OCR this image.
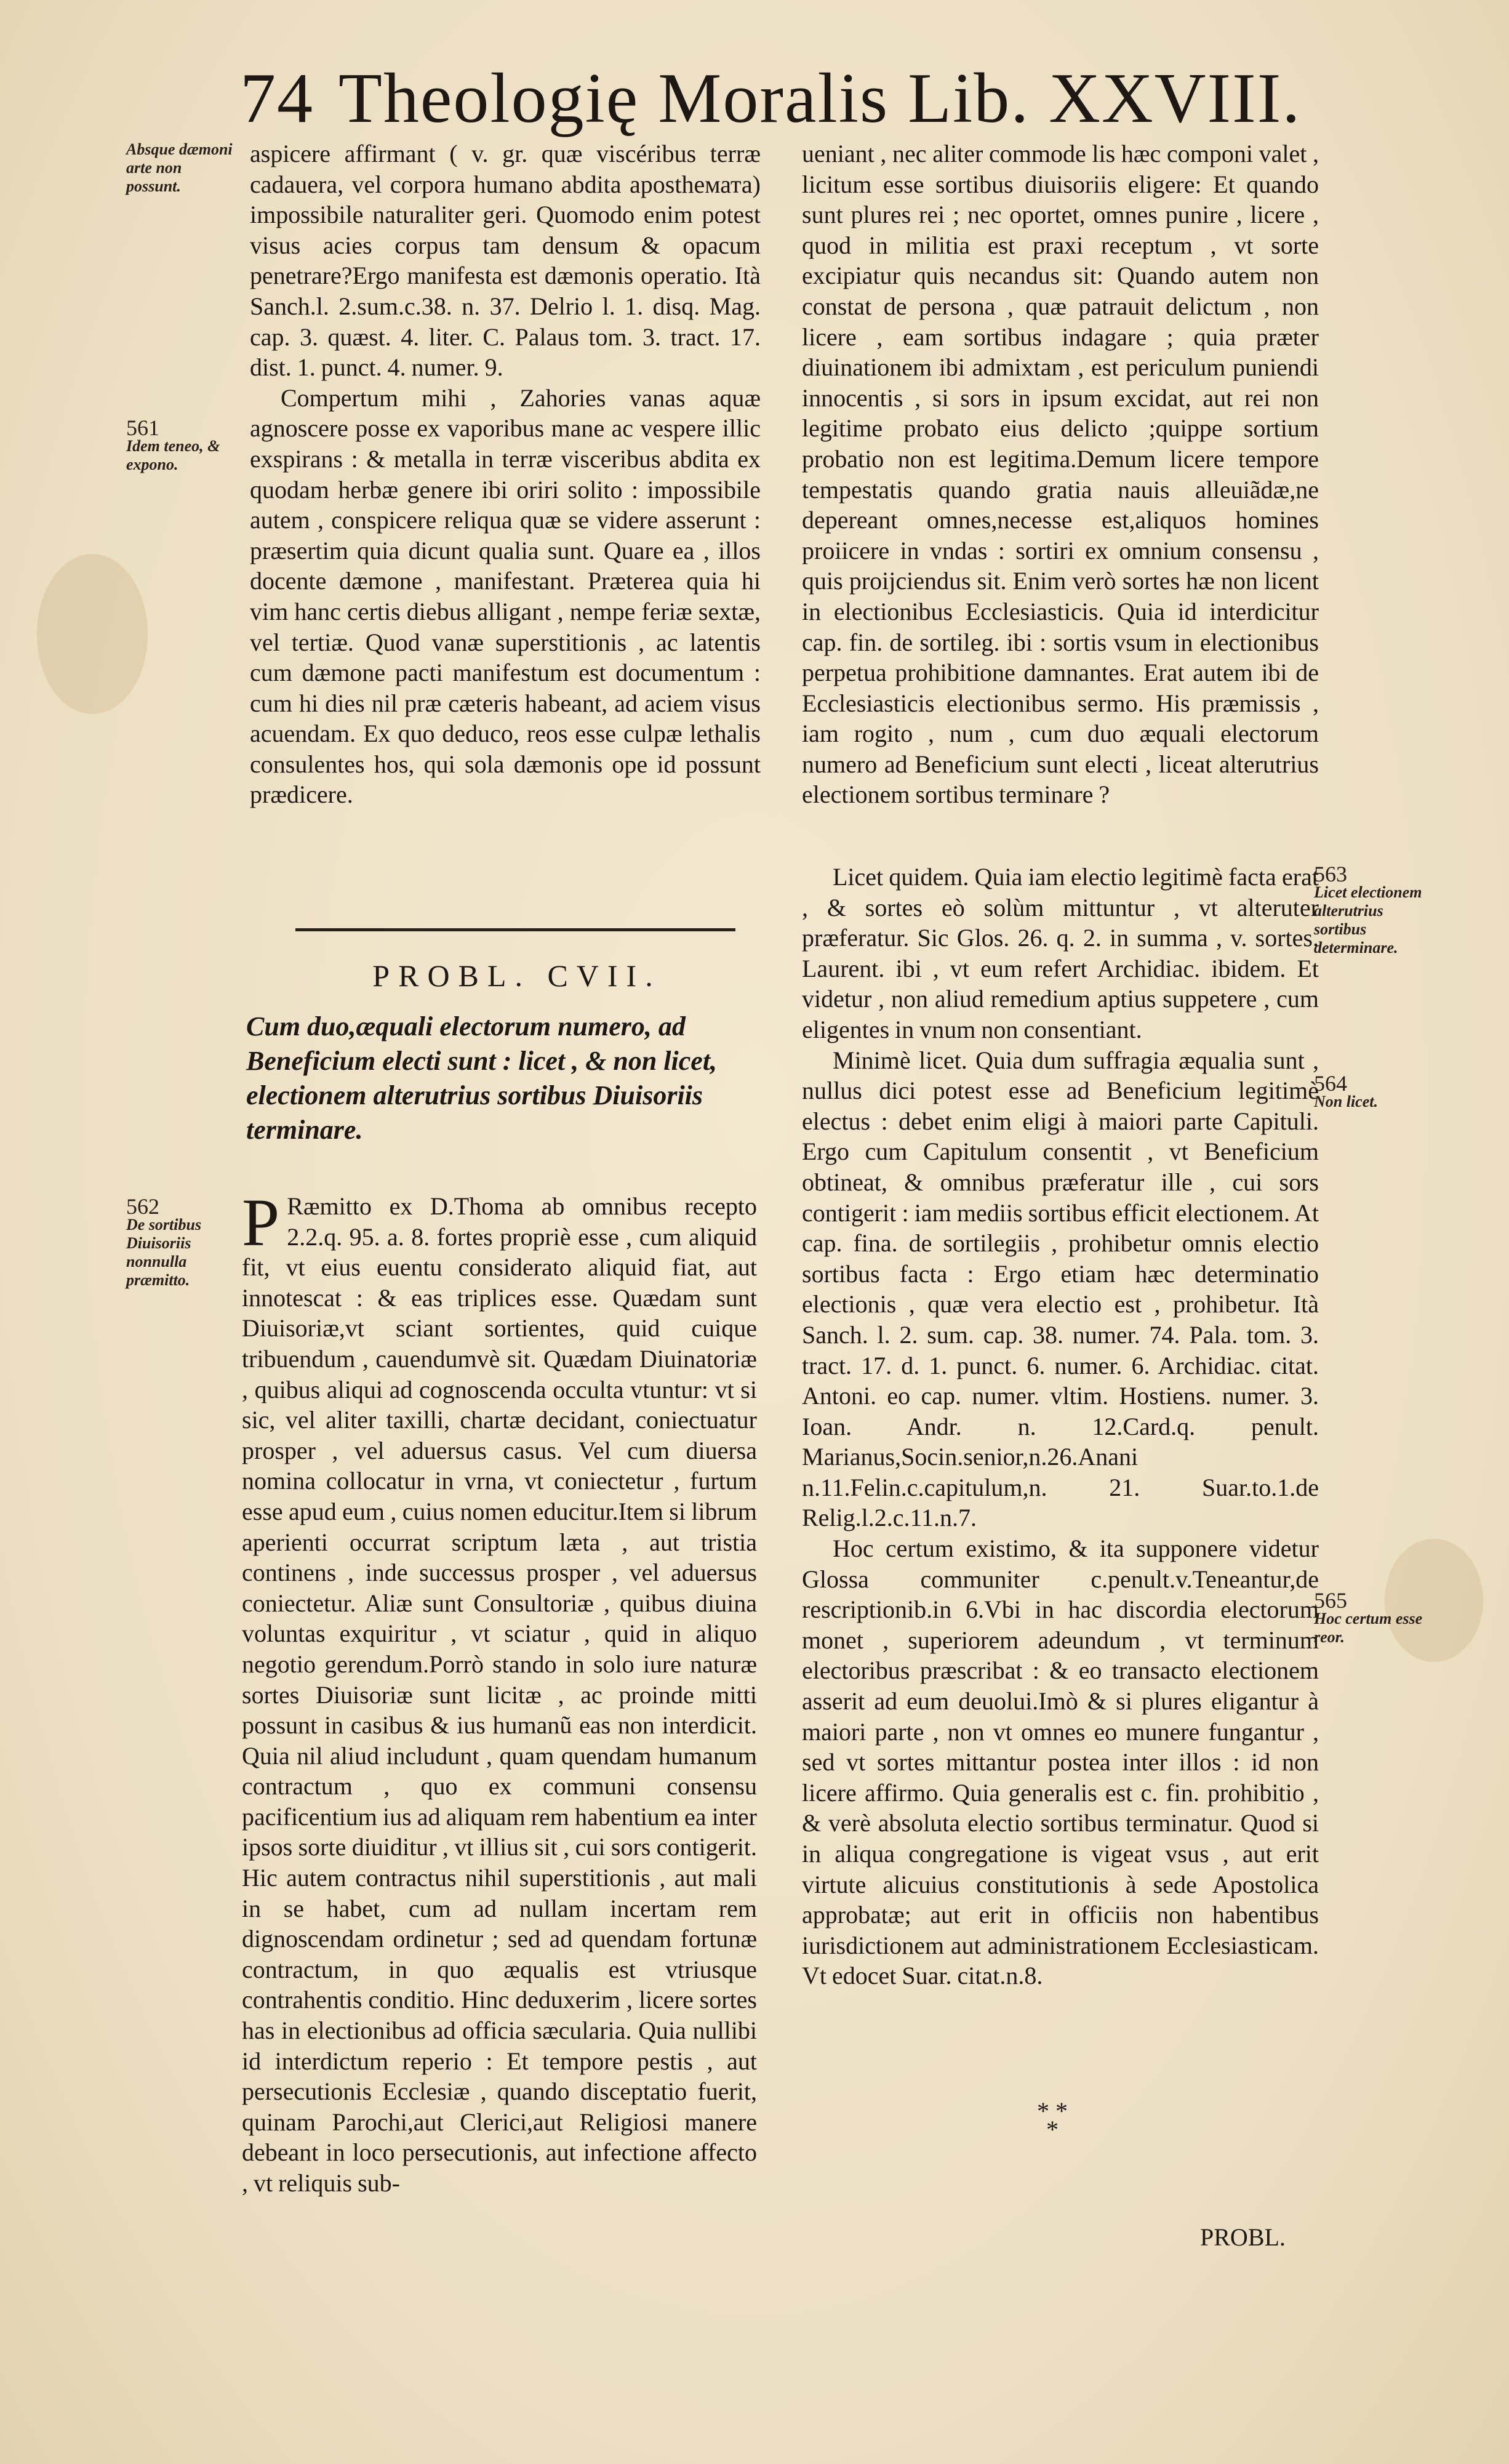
74 Theologię Moralis Lib. XXVIII.
Absque dæmoni arte non possunt.
561
Idem teneo, & expono.
562
De sortibus Diuisoriis nonnulla præmitto.
563
Licet electionem alterutrius sortibus determinare.
564
Non licet.
565
Hoc certum esse reor.

aspicere affirmant ( v. gr. quæ viscéribus terræ cadauera, vel corpora humano abdita apostheмата) impossibile naturaliter geri. Quomodo enim potest visus acies corpus tam densum & opacum penetrare?Ergo manifesta est dæmonis operatio. Ità Sanch.l. 2.sum.c.38. n. 37. Delrio l. 1. disq. Mag. cap. 3. quæst. 4. liter. C. Palaus tom. 3. tract. 17. dist. 1. punct. 4. numer. 9.

Compertum mihi , Zahories vanas aquæ agnoscere posse ex vaporibus mane ac vespere illic exspirans : & metalla in terræ visceribus abdita ex quodam herbæ genere ibi oriri solito : impossibile autem , conspicere reliqua quæ se videre asserunt : præsertim quia dicunt qualia sunt. Quare ea , illos docente dæmone , manifestant. Præterea quia hi vim hanc certis diebus alligant , nempe feriæ sextæ, vel tertiæ. Quod vanæ superstitionis , ac latentis cum dæmone pacti manifestum est documentum : cum hi dies nil præ cæteris habeant, ad aciem visus acuendam. Ex quo deduco, reos esse culpæ lethalis consulentes hos, qui sola dæmonis ope id possunt prædicere.

PROBL. CVII.
Cum duo,æquali electorum numero, ad Beneficium electi sunt : licet , & non licet, electionem alterutrius sortibus Diuisoriis terminare.
P Ræmitto ex D.Thoma ab omnibus recepto 2.2.q. 95. a. 8. fortes propriè esse , cum aliquid fit, vt eius euentu considerato aliquid fiat, aut innotescat : & eas triplices esse. Quædam sunt Diuisoriæ,vt sciant sortientes, quid cuique tribuendum , cauendumvè sit. Quædam Diuinatoriæ , quibus aliqui ad cognoscenda occulta vtuntur: vt si sic, vel aliter taxilli, chartæ decidant, coniectuatur prosper , vel aduersus casus. Vel cum diuersa nomina collocatur in vrna, vt coniectetur , furtum esse apud eum , cuius nomen educitur.Item si librum aperienti occurrat scriptum læta , aut tristia continens , inde successus prosper , vel aduersus coniectetur. Aliæ sunt Consultoriæ , quibus diuina voluntas exquiritur , vt sciatur , quid in aliquo negotio gerendum.Porrò stando in solo iure naturæ sortes Diuisoriæ sunt licitæ , ac proinde mitti possunt in casibus & ius humanũ eas non interdicit. Quia nil aliud includunt , quam quendam humanum contractum , quo ex communi consensu pacificentium ius ad aliquam rem habentium ea inter ipsos sorte diuiditur , vt illius sit , cui sors contigerit. Hic autem contractus nihil superstitionis , aut mali in se habet, cum ad nullam incertam rem dignoscendam ordinetur ; sed ad quendam fortunæ contractum, in quo æqualis est vtriusque contrahentis conditio. Hinc deduxerim , licere sortes has in electionibus ad officia sæcularia. Quia nullibi id interdictum reperio : Et tempore pestis , aut persecutionis Ecclesiæ , quando disceptatio fuerit, quinam Parochi,aut Clerici,aut Religiosi manere debeant in loco persecutionis, aut infectione affecto , vt reliquis sub-

ueniant , nec aliter commode lis hæc componi valet , licitum esse sortibus diuisoriis eligere: Et quando sunt plures rei ; nec oportet, omnes punire , licere , quod in militia est praxi receptum , vt sorte excipiatur quis necandus sit: Quando autem non constat de persona , quæ patrauit delictum , non licere , eam sortibus indagare ; quia præter diuinationem ibi admixtam , est periculum puniendi innocentis , si sors in ipsum excidat, aut rei non legitime probato eius delicto ;quippe sortium probatio non est legitima.Demum licere tempore tempestatis quando gratia nauis alleuiãdæ,ne depereant omnes,necesse est,aliquos homines proiicere in vndas : sortiri ex omnium consensu , quis proijciendus sit. Enim verò sortes hæ non licent in electionibus Ecclesiasticis. Quia id interdicitur cap. fin. de sortileg. ibi : sortis vsum in electionibus perpetua prohibitione damnantes. Erat autem ibi de Ecclesiasticis electionibus sermo. His præmissis , iam rogito , num , cum duo æquali electorum numero ad Beneficium sunt electi , liceat alterutrius electionem sortibus terminare ?

Licet quidem. Quia iam electio legitimè facta erat , & sortes eò solùm mittuntur , vt alteruter præferatur. Sic Glos. 26. q. 2. in summa , v. sortes. Laurent. ibi , vt eum refert Archidiac. ibidem. Et videtur , non aliud remedium aptius suppetere , cum eligentes in vnum non consentiant.

Minimè licet. Quia dum suffragia æqualia sunt , nullus dici potest esse ad Beneficium legitimè electus : debet enim eligi à maiori parte Capituli. Ergo cum Capitulum consentit , vt Beneficium obtineat, & omnibus præferatur ille , cui sors contigerit : iam mediis sortibus efficit electionem. At cap. fina. de sortilegiis , prohibetur omnis electio sortibus facta : Ergo etiam hæc determinatio electionis , quæ vera electio est , prohibetur. Ità Sanch. l. 2. sum. cap. 38. numer. 74. Pala. tom. 3. tract. 17. d. 1. punct. 6. numer. 6. Archidiac. citat. Antoni. eo cap. numer. vltim. Hostiens. numer. 3. Ioan. Andr. n. 12.Card.q. penult. Marianus,Socin.senior,n.26.Anani n.11.Felin.c.capitulum,n. 21. Suar.to.1.de Relig.l.2.c.11.n.7.

Hoc certum existimo, & ita supponere videtur Glossa communiter c.penult.v.Teneantur,de rescriptionib.in 6.Vbi in hac discordia electorum monet , superiorem adeundum , vt terminum electoribus præscribat : & eo transacto electionem asserit ad eum deuolui.Imò & si plures eligantur à maiori parte , non vt omnes eo munere fungantur , sed vt sortes mittantur postea inter illos : id non licere affirmo. Quia generalis est c. fin. prohibitio , & verè absoluta electio sortibus terminatur. Quod si in aliqua congregatione is vigeat vsus , aut erit virtute alicuius constitutionis à sede Apostolica approbatæ; aut erit in officiis non habentibus iurisdictionem aut administrationem Ecclesiasticam. Vt edocet Suar. citat.n.8.

* *
*
PROBL.
